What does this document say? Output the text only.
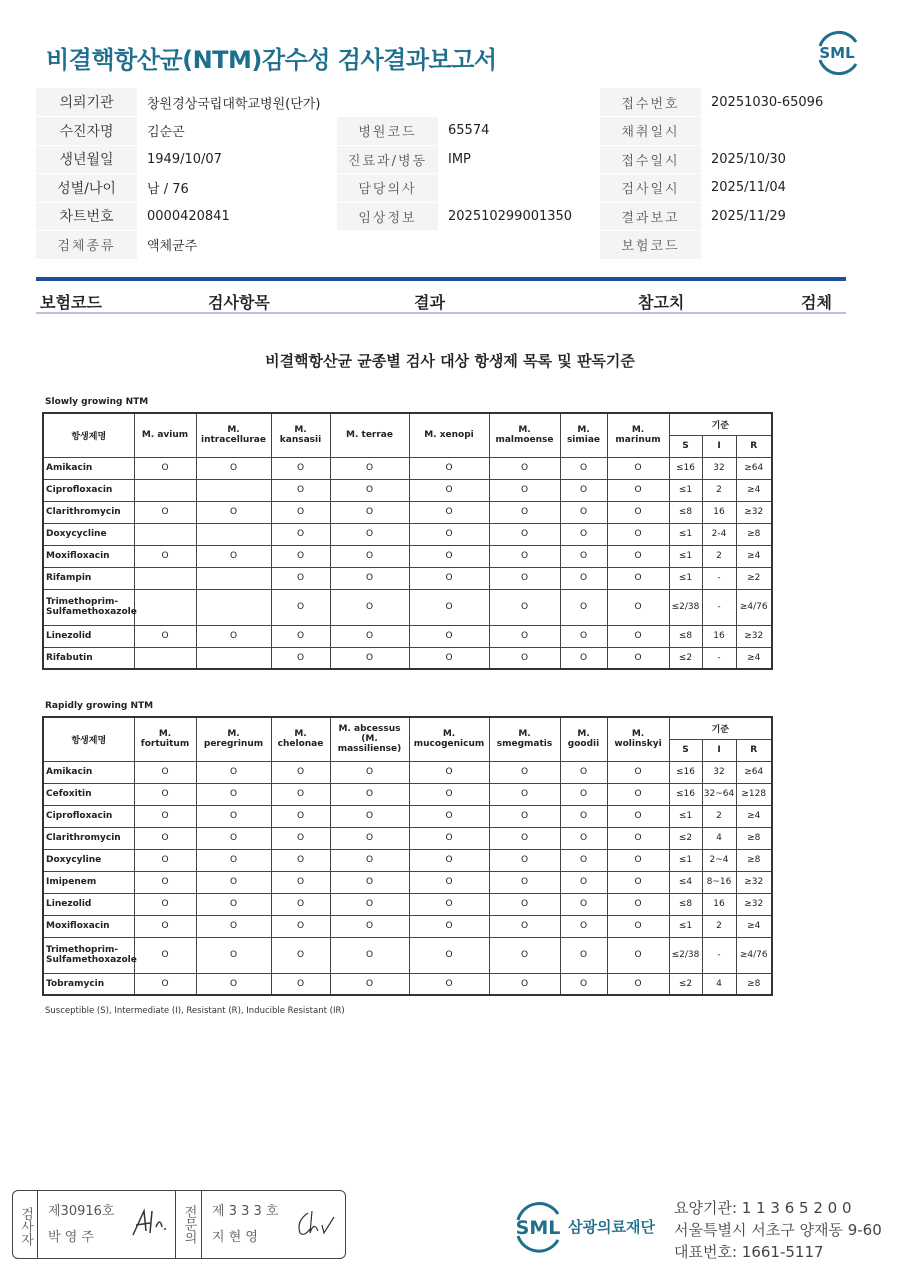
비결핵항산균(NTM)감수성 검사결과보고서	SML
의뢰기관	창원경상국립대학교병원(단가)			접수번호	20251030-65096
수진자명	김순곤	병원코드	65574	채취일시	
생년월일	1949/10/07	진료과/병동	IMP	접수일시	2025/10/30
성별/나이	남 / 76	담당의사		검사일시	2025/11/04
차트번호	0000420841	임상정보	202510299001350	결과보고	2025/11/29
검체종류	액체균주			보험코드	
보험코드	검사항목	결과	참고치	검체
비결핵항산균 균종별 검사 대상 항생제 목록 및 판독기준
Slowly growing NTM
항생제명	M. avium	M. intracellurae	M. kansasii	M. terrae	M. xenopi	M. malmoense	M. simiae	M. marinum	기준		
									S	I	R
Amikacin	O	O	O	O	O	O	O	O	≤16	32	≥64
Ciprofloxacin			O	O	O	O	O	O	≤1	2	≥4
Clarithromycin	O	O	O	O	O	O	O	O	≤8	16	≥32
Doxycycline			O	O	O	O	O	O	≤1	2-4	≥8
Moxifloxacin	O	O	O	O	O	O	O	O	≤1	2	≥4
Rifampin			O	O	O	O	O	O	≤1	-	≥2
Trimethoprim-Sulfamethoxazole			O	O	O	O	O	O	≤2/38	-	≥4/76
Linezolid	O	O	O	O	O	O	O	O	≤8	16	≥32
Rifabutin			O	O	O	O	O	O	≤2	-	≥4
Rapidly growing NTM
항생제명	M. fortuitum	M. peregrinum	M. chelonae	M. abcessus (M. massiliense)	M. mucogenicum	M. smegmatis	M. goodii	M. wolinskyi	기준		
									S	I	R
Amikacin	O	O	O	O	O	O	O	O	≤16	32	≥64
Cefoxitin	O	O	O	O	O	O	O	O	≤16	32~64	≥128
Ciprofloxacin	O	O	O	O	O	O	O	O	≤1	2	≥4
Clarithromycin	O	O	O	O	O	O	O	O	≤2	4	≥8
Doxycyline	O	O	O	O	O	O	O	O	≤1	2~4	≥8
Imipenem	O	O	O	O	O	O	O	O	≤4	8~16	≥32
Linezolid	O	O	O	O	O	O	O	O	≤8	16	≥32
Moxifloxacin	O	O	O	O	O	O	O	O	≤1	2	≥4
Trimethoprim-Sulfamethoxazole	O	O	O	O	O	O	O	O	≤2/38	-	≥4/76
Tobramycin	O	O	O	O	O	O	O	O	≤2	4	≥8
Susceptible (S), Intermediate (I), Resistant (R), Inducible Resistant (IR)
검사자	제30916호
박 영 주	전문의	제 3 3 3 호
지 현 영	SML 삼광의료재단
요양기관: 1 1 3 6 5 2 0 0
서울특별시 서초구 양재동 9-60
대표번호: 1661-5117
